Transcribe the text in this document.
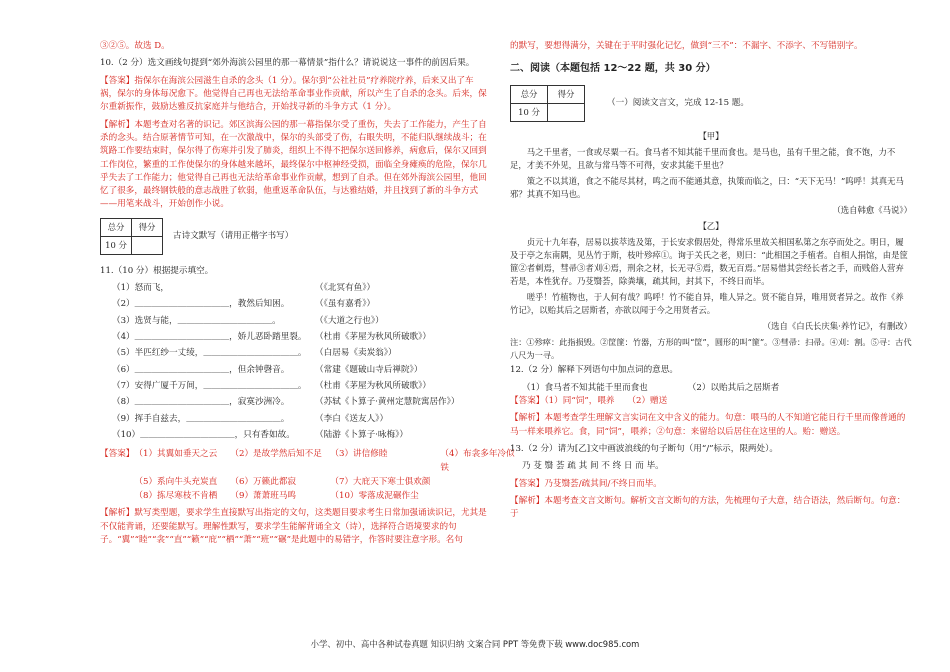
③②⑤。故选 D。

10.（2 分）选文画线句提到“郊外海滨公园里的那一幕情景”指什么？请说说这一事件的前因后果。

【答案】指保尔在海滨公园滋生自杀的念头（1 分）。保尔到“公社社员”疗养院疗养，后来又出了车祸，保尔的身体每况愈下。他觉得自己再也无法给革命事业作贡献，所以产生了自杀的念头。后来，保尔重新振作，鼓励达雅反抗家庭并与他结合，开始找寻新的斗争方式（1 分）。

【解析】本题考查对名著的识记。郊区滨海公园的那一幕指保尔受了重伤，失去了工作能力，产生了自杀的念头。结合原著情节可知，在一次激战中，保尔的头部受了伤，右眼失明，不能归队继续战斗；在筑路工作要结束时，保尔得了伤寒并引发了肺炎，组织上不得不把保尔送回修养，病愈后，保尔又回到工作岗位，繁重的工作使保尔的身体越来越坏，最终保尔中枢神经受损，面临全身瘫痪的危险，保尔几乎失去了工作能力；他觉得自己再也无法给革命事业作贡献，想到了自杀。但在郊外海滨公园里，他回忆了很多，最终钢铁般的意志战胜了软弱，他重返革命队伍，与达雅结婚，并且找到了新的斗争方式——用笔来战斗，开始创作小说。

总分	得分
10 分	
古诗文默写（请用正楷字书写）

11.（10 分）根据提示填空。

（1）怒而飞，	（《北冥有鱼》）
（2）＿＿＿＿＿＿＿＿＿＿＿，教然后知困。	（《虽有嘉肴》）
（3）选贤与能，＿＿＿＿＿＿＿＿＿＿＿。	（《大道之行也》）
（4）＿＿＿＿＿＿＿＿＿＿＿，娇儿恶卧踏里裂。 （杜甫《茅屋为秋风所破歌》）
（5）半匹红纱一丈绫，＿＿＿＿＿＿＿＿＿＿＿。 （白居易《卖炭翁》）
（6）＿＿＿＿＿＿＿＿＿＿＿，但余钟磬音。	（常建《题破山寺后禅院》）
（7）安得广厦千万间，＿＿＿＿＿＿＿＿＿＿＿。 （杜甫《茅屋为秋风所破歌》）
（8）＿＿＿＿＿＿＿＿＿＿＿，寂寞沙洲冷。	（苏轼《卜算子·黄州定慧院寓居作》）
（9）挥手自兹去，＿＿＿＿＿＿＿＿＿＿＿。	（李白《送友人》）
（10）＿＿＿＿＿＿＿＿＿＿＿，只有香如故。	（陆游《卜算子·咏梅》）
【答案】 （1）其翼如垂天之云	（2）是故学然后知不足 （3）讲信修睦	（4）布衾多年冷似铁
（5）系向牛头充炭直	（6）万籁此都寂	（7）大庇天下寒士俱欢颜
（8）拣尽寒枝不肯栖	（9）萧萧班马鸣	（10）零落成泥碾作尘

【解析】默写类型题，要求学生直接默写出指定的文句，这类题目要求考生日常加强诵读识记，尤其是不仅能背诵，还要能默写。理解性默写，要求学生能解背诵全文（诗），选择符合语境要求的句子。“翼”“睦”“衾”“直”“籁”“庇”“栖”“萧”“班”“碾”是此题中的易错字，作答时要注意字形。名句

的默写，要想得满分，关键在于平时强化记忆，做到“三不”：不漏字、不添字、不写错别字。

二、阅读（本题包括 12～22 题，共 30 分）
总分	得分
10 分	
（一）阅读文言文，完成 12-15 题。

【甲】

马之千里者，一食或尽粟一石。食马者不知其能千里而食也。是马也，虽有千里之能，食不饱，力不足，才美不外见，且欲与常马等不可得，安求其能千里也？

策之不以其道，食之不能尽其材，鸣之而不能通其意，执策而临之，曰：“天下无马！”呜呼！其真无马邪？其真不知马也。

（选自韩愈《马说》）

【乙】

贞元十九年春，居易以拔萃选及第，于长安求假居处，得常乐里故关相国私第之东亭而处之。明日，履及于亭之东南隅，见丛竹于斯，枝叶殄瘁①。询于关氏之老，则曰：“此相国之手植者。自相人捐馆，由是筐篚②者刺焉，彗帚③者刈④焉，刑余之材，长无寻⑤焉，数无百焉。”居易惜其尝经长者之手，而贱俗人营弃若是，本性犹存。乃芟翳荟，除粪壤，疏其间，封其下，不终日而毕。

嗟乎！竹植物也，于人何有哉？呜呼！竹不能自异，唯人异之。贤不能自异，唯用贤者异之。故作《养竹记》，以贻其后之居斯者，亦欲以闻于今之用贤者云。

（选自《白氏长庆集·养竹记》，有删改）

注：①殄瘁：此指损毁。②筐篚：竹器，方形的叫“筐”，圆形的叫“篚”。③彗帚：扫帚。④刈：割。⑤寻：古代八尺为一寻。

12.（2 分）解释下列语句中加点词的意思。

（1）食马者不知其能千里而食也	（2）以贻其后之居斯者

【答案】（1）同“饲”，喂养　　（2）赠送

【解析】本题考查学生理解文言实词在文中含义的能力。句意：喂马的人不知道它能日行千里而像普通的马一样来喂养它。食，同“饲”，喂养；②句意：来留给以后居住在这里的人。贻：赠送。

13.（2 分）请为[乙]文中画波浪线的句子断句（用“/”标示，限两处）。

乃 芟 翳 荟 疏 其 间 不 终 日 而 毕。

【答案】乃芟翳荟/疏其间/不终日而毕。

【解析】本题考查文言文断句。解析文言文断句的方法，先梳理句子大意，结合语法，然后断句。句意：于

小学、初中、高中各种试卷真题 知识归纳 文案合同 PPT 等免费下载 www.doc985.com
